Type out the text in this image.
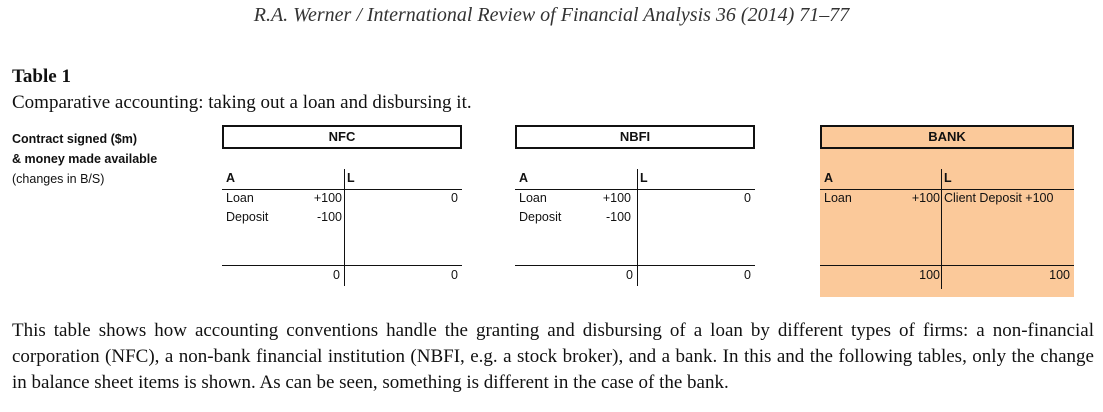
R.A. Werner / International Review of Financial Analysis 36 (2014) 71–77
Table 1
Comparative accounting: taking out a loan and disbursing it.
Contract signed ($m)
& money made available
(changes in B/S)
NFC
A	L
Loan	+100	0
Deposit	-100
0	0
NBFI
A	L
Loan	+100	0
Deposit	-100
0	0
BANK
A	L
Loan	+100 Client Deposit +100
100	100
This table shows how accounting conventions handle the granting and disbursing of a loan by different types of firms: a non-financial corporation (NFC), a non-bank financial institution (NBFI, e.g. a stock broker), and a bank. In this and the following tables, only the change in balance sheet items is shown. As can be seen, something is different in the case of the bank.
